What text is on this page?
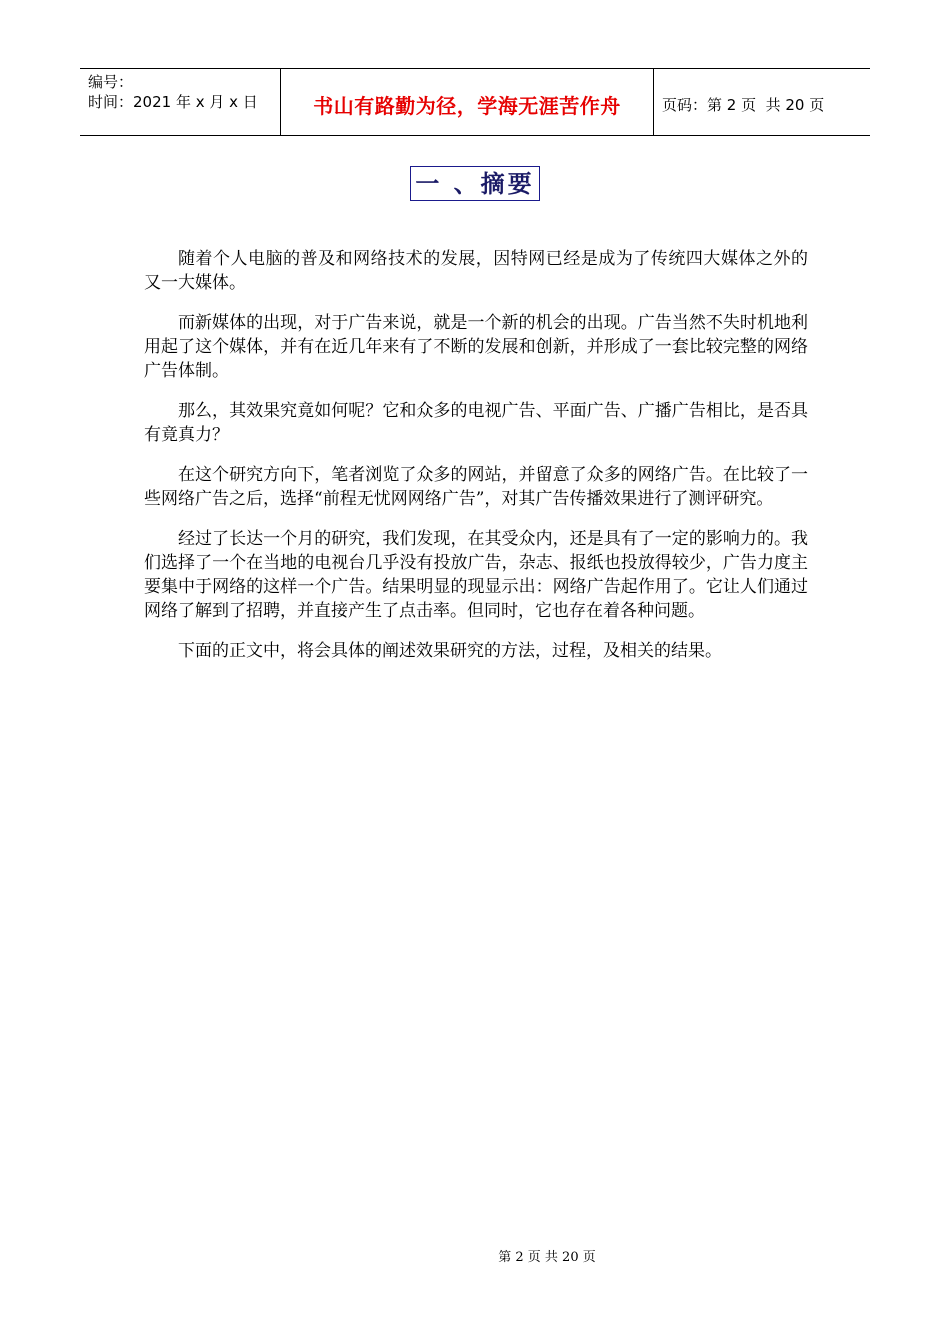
编号：
时间：2021 年 x 月 x 日	书山有路勤为径，学海无涯苦作舟	页码：第 2 页  共 20 页
一 、摘要

随着个人电脑的普及和网络技术的发展，因特网已经是成为了传统四大媒体之外的 又一大媒体。

而新媒体的出现，对于广告来说，就是一个新的机会的出现。广告当然不失时机地利用起了这个媒体，并有在近几年来有了不断的发展和创新，并形成了一套比较完整的网络广告体制。

那么，其效果究竟如何呢？它和众多的电视广告、平面广告、广播广告相比，是否具有竟真力？

在这个研究方向下，笔者浏览了众多的网站，并留意了众多的网络广告。在比较了一些网络广告之后，选择“前程无忧网网络广告”，对其广告传播效果进行了测评研究。

经过了长达一个月的研究，我们发现，在其受众内，还是具有了一定的影响力的。我们选择了一个在当地的电视台几乎没有投放广告，杂志、报纸也投放得较少，广告力度主要集中于网络的这样一个广告。结果明显的现显示出：网络广告起作用了。它让人们通过网络了解到了招聘，并直接产生了点击率。但同时，它也存在着各种问题。

下面的正文中，将会具体的阐述效果研究的方法，过程，及相关的结果。

第 2 页 共 20 页
